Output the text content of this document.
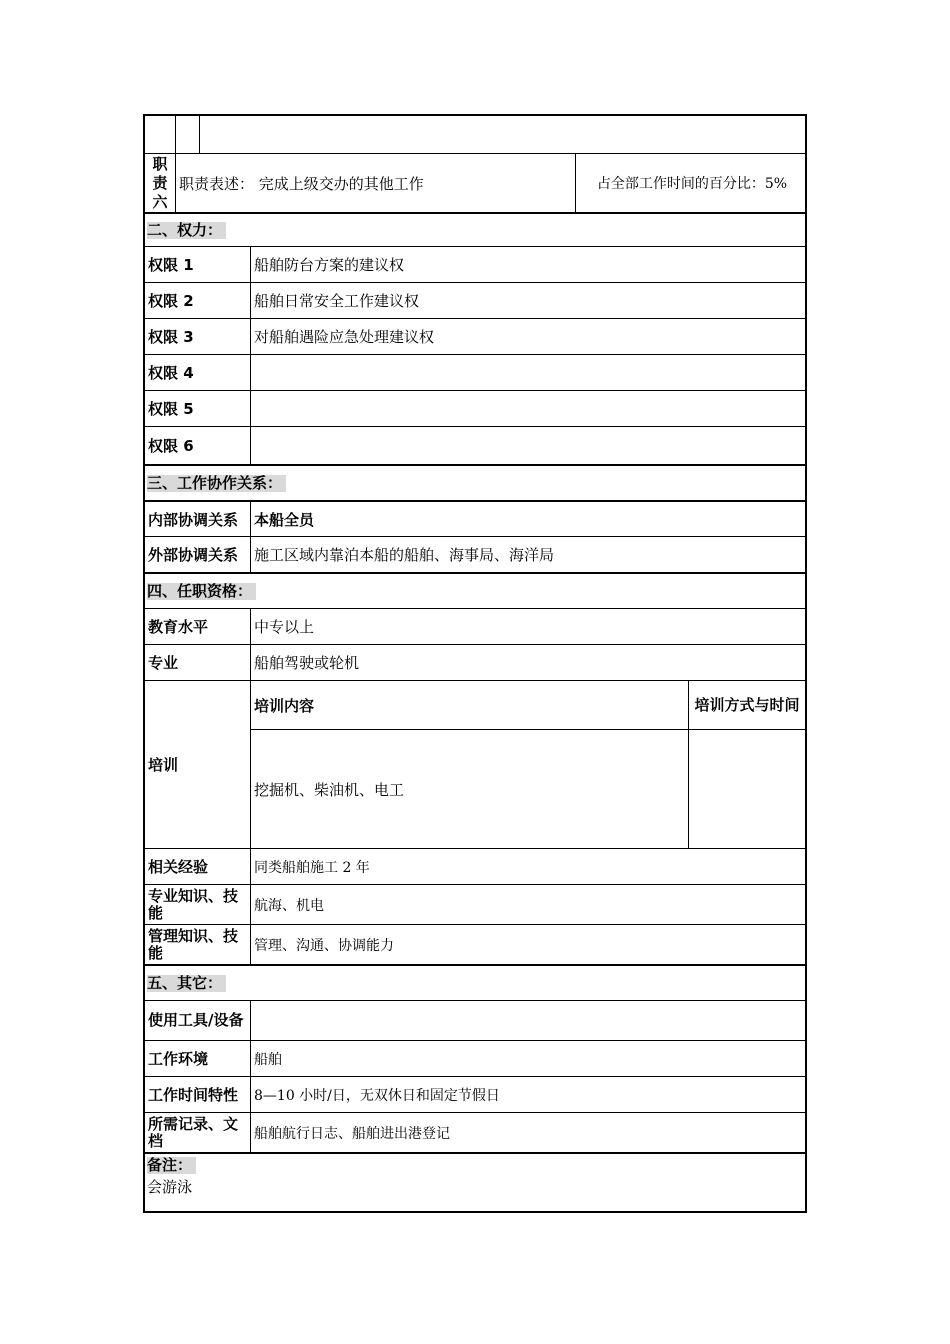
职
责
六
职责表述： 完成上级交办的其他工作	占全部工作时间的百分比：5%
二、权力：
权限 1	船舶防台方案的建议权
权限 2	船舶日常安全工作建议权
权限 3	对船舶遇险应急处理建议权
权限 4
权限 5
权限 6
三、工作协作关系：
内部协调关系	本船全员
外部协调关系	施工区域内靠泊本船的船舶、海事局、海洋局
四、任职资格：
教育水平	中专以上
专业	船舶驾驶或轮机
培训
培训内容	培训方式与时间
挖掘机、柴油机、电工
相关经验	同类船舶施工 2 年
专业知识、技能	航海、机电
管理知识、技能	管理、沟通、协调能力
五、其它：
使用工具/设备
工作环境	船舶
工作时间特性	8—10 小时/日，无双休日和固定节假日
所需记录、文档	船舶航行日志、船舶进出港登记
备注：
会游泳
